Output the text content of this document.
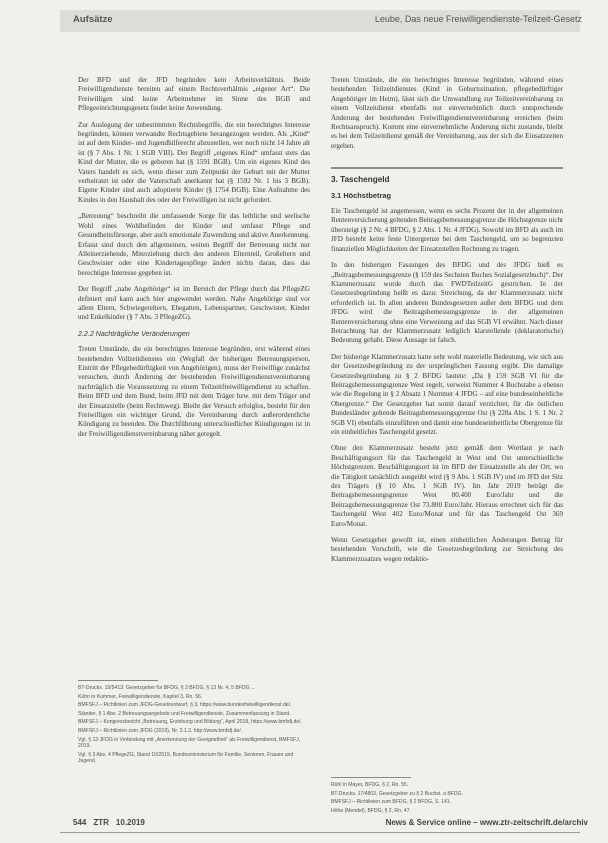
Aufsätze	Leube, Das neue Freiwilligendienste-Teilzeit-Gesetz

Der BFD und der JFD begründen kein Arbeitsverhältnis. Beide Freiwilligendienste bereiten auf einem Rechtsverhältnis „eigener Art“. Die Freiwilligen sind keine Arbeitnehmer im Sinne des BGB und Pflegeeinrichtungsgesetz findet keine Anwendung.

Zur Auslegung der unbestimmten Rechtsbegriffe, die ein berechtigtes Interesse begründen, können verwandte Rechtsgebiete herangezogen werden. Als „Kind“ ist auf dem Kinder- und Jugendhilferecht abzustellen, wer noch nicht 14 Jahre alt ist (§ 7 Abs. 1 Nr. 1 SGB VIII). Der Begriff „eigenes Kind“ umfasst stets das Kind der Mutter, die es geboren hat (§ 1591 BGB). Um ein eigenes Kind des Vaters handelt es sich, wenn dieser zum Zeitpunkt der Geburt mit der Mutter verheiratet ist oder die Vaterschaft anerkannt hat (§ 1592 Nr. 1 bis 3 BGB). Eigene Kinder sind auch adoptierte Kinder (§ 1754 BGB). Eine Aufnahme des Kindes in den Haushalt des oder der Freiwilligen ist nicht gefordert.

„Betreuung“ beschreibt die umfassende Sorge für das leibliche und seelische Wohl eines Wohlbefinden der Kinder und umfasst Pflege und Gesundheitsfürsorge, aber auch emotionale Zuwendung und aktive Anerkennung. Erfasst sind durch den allgemeinen, weiten Begriff der Betreuung nicht nur Alleinerziehende, Miterziehung durch den anderen Elternteil, Großeltern und Geschwister oder eine Kindertagespflege ändert nichts daran, dass das berechtigte Interesse gegeben ist.

Der Begriff „nahe Angehörige“ ist im Bereich der Pflege durch das PflegeZG definiert und kann auch hier angewendet werden. Nahe Angehörige sind vor allem Eltern, Schwiegereltern, Ehegatten, Lebenspartner, Geschwister, Kinder und Enkelkinder (§ 7 Abs. 3 PflegeZG).

2.2.2 Nachträgliche Veränderungen

Treten Umstände, die ein berechtigtes Interesse begründen, erst während eines bestehenden Vollzeitdienstes ein (Wegfall der bisherigen Betreuungsperson, Eintritt der Pflegebedürftigkeit von Angehörigen), muss der Freiwillige zunächst versuchen, durch Änderung der bestehenden Freiwilligendienstvereinbarung nachträglich die Voraussetzung zu einem Teilzeitfreiwilligendienst zu schaffen. Beim BFD und dem Bund, beim JFD mit dem Träger bzw. mit dem Träger und der Einsatzstelle (beim Rechtsweg). Bleibt der Versuch erfolglos, besteht für den Freiwilligen ein wichtiger Grund, die Vereinbarung durch außerordentliche Kündigung zu beenden. Die Durchführung unterschiedlicher Kündigungen ist in der Freiwilligendienstvereinbarung näher geregelt.

BT-Drucks. 19/5413: Gesetzgeber für BFDG, § 3 BFDG, § 13 Nr. 4, 5 BFDG ...
Kühn in Kummer, Freiwilligendienste, Kapitel 3, Rn. 56.
BMFSFJ – Richtlinien zum JFDG-Gesetzentwurf, § 3, https://www.bundesfreiwilligendienst.de/.
Ständer, § 1 Abs. 2 Betreuungsangebote und Freiwilligendienste, Zusammenfassung in Stand.
BMFSFJ – Kongressbericht „Betreuung, Erziehung und Bildung“, April 2018, https://www.bmfsfj.de/.
BMFSFJ – Richtlinien zum JFDG (2019), Nr. 2.1.2, http://www.bmfsfj.de/.
Vgl. § 13 JFDG in Verbindung mit „Anerkennung der Geeignetheit“ als Freiwilligendienst, BMFSFJ, 2019.
Vgl. § 3 Abs. 4 PflegeZG, Stand 10/2019, Bundesministerium für Familie, Senioren, Frauen und Jugend.

Treten Umstände, die ein berechtigtes Interesse begründen, während eines bestehenden Teilzeitdienstes (Kind in Geburtssituation, pflegebedürftiger Angehöriger im Heim), lässt sich die Umwandlung zur Teilzeitvereinbarung zu einem Vollzeitdienst ebenfalls nur einvernehmlich durch entsprechende Änderung der bestehenden Freiwilligendienstvereinbarung erreichen (beim Rechtsanspruch). Kommt eine einvernehmliche Änderung nicht zustande, bleibt es bei dem Teilzeitdienst gemäß der Vereinbarung, aus der sich die Einsatzzeiten ergeben.

3. Taschengeld
3.1 Höchstbetrag

Ein Taschengeld ist angemessen, wenn es sechs Prozent der in der allgemeinen Rentenversicherung geltenden Beitragsbemessungsgrenze die Höchstgrenze nicht übersteigt (§ 2 Nr. 4 BFDG, § 2 Abs. 1 Nr. 4 JFDG). Sowohl im BFD als auch im JFD besteht keine feste Untergrenze bei dem Taschengeld, um so begrenzten finanziellen Möglichkeiten der Einsatzstellen Rechnung zu tragen.

In den bisherigen Fassungen des BFDG und des JFDG hieß es „Beitragsbemessungsgrenze (§ 159 des Sechsten Buches Sozialgesetzbuch)“. Der Klammerzusatz wurde durch das FWDTeilzeitG gestrichen. In der Gesetzesbegründung heißt es dazu: Streichung, da der Klammerzusatz nicht erforderlich ist. In allen anderen Bundesgesetzen außer dem BFDG und dem JFDG wird die Beitragsbemessungsgrenze in der allgemeinen Rentenversicherung ohne eine Verweisung auf das SGB VI erwähnt. Nach dieser Betrachtung hat der Klammerzusatz lediglich klarstellende (deklaratorische) Bedeutung gehabt. Diese Aussage ist falsch.

Der bisherige Klammerzusatz hatte sehr wohl materielle Bedeutung, wie sich aus der Gesetzesbegründung zu der ursprünglichen Fassung ergibt. Die damalige Gesetzesbegründung zu § 2 BFDG lautete: „Da § 159 SGB VI für die Beitragsbemessungsgrenze West regelt, verweist Nummer 4 Buchstabe a ebenso wie die Regelung in § 2 Absatz 1 Nummer 4 JFDG – auf eine bundeseinheitliche Obergrenze.“ Der Gesetzgeber hat somit darauf verzichtet, für die östlichen Bundesländer geltende Beitragsbemessungsgrenze Ost (§ 228a Abs. 1 S. 1 Nr. 2 SGB VI) ebenfalls einzuführen und damit eine bundeseinheitliche Obergrenze für ein einheitliches Taschengeld gesetzt.

Ohne den Klammerzusatz besteht jetzt gemäß dem Wortlaut je nach Beschäftigungsort für das Taschengeld in West und Ost unterschiedliche Höchstgrenzen. Beschäftigungsort ist im BFD der Einsatzstelle als der Ort, wo die Tätigkeit tatsächlich ausgeübt wird (§ 9 Abs. 1 SGB IV) und im JFD der Sitz des Trägers (§ 10 Abs. 1 SGB IV). Im Jahr 2019 beträgt die Beitragsbemessungsgrenze West 80.400 Euro/Jahr und die Beitragsbemessungsgrenze Ost 73.800 Euro/Jahr. Hieraus errechnet sich für das Taschengeld West 402 Euro/Monat und für das Taschengeld Ost 369 Euro/Monat.

Wenn Gesetzgeber gewollt ist, einen einheitlichen Änderungen Betrag für bestehenden Vorschrift, wie die Gesetzesbegründung zur Streichung des Klammerzusatzes wegen redaktio-

Rühl in Mayer, BFDG, § 2, Rn. 55.
BT-Drucks. 17/4803, Gesetzgeber zu § 2 Buchst. a BFDG.
BMFSFJ – Richtlinien zum BFDG, § 2 BFDG, S. 141.
Höhe (Mendel), BFDG, § 2, Rn. 47.
544 ZTR 10.2019	News & Service online – www.ztr-zeitschrift.de/archiv
